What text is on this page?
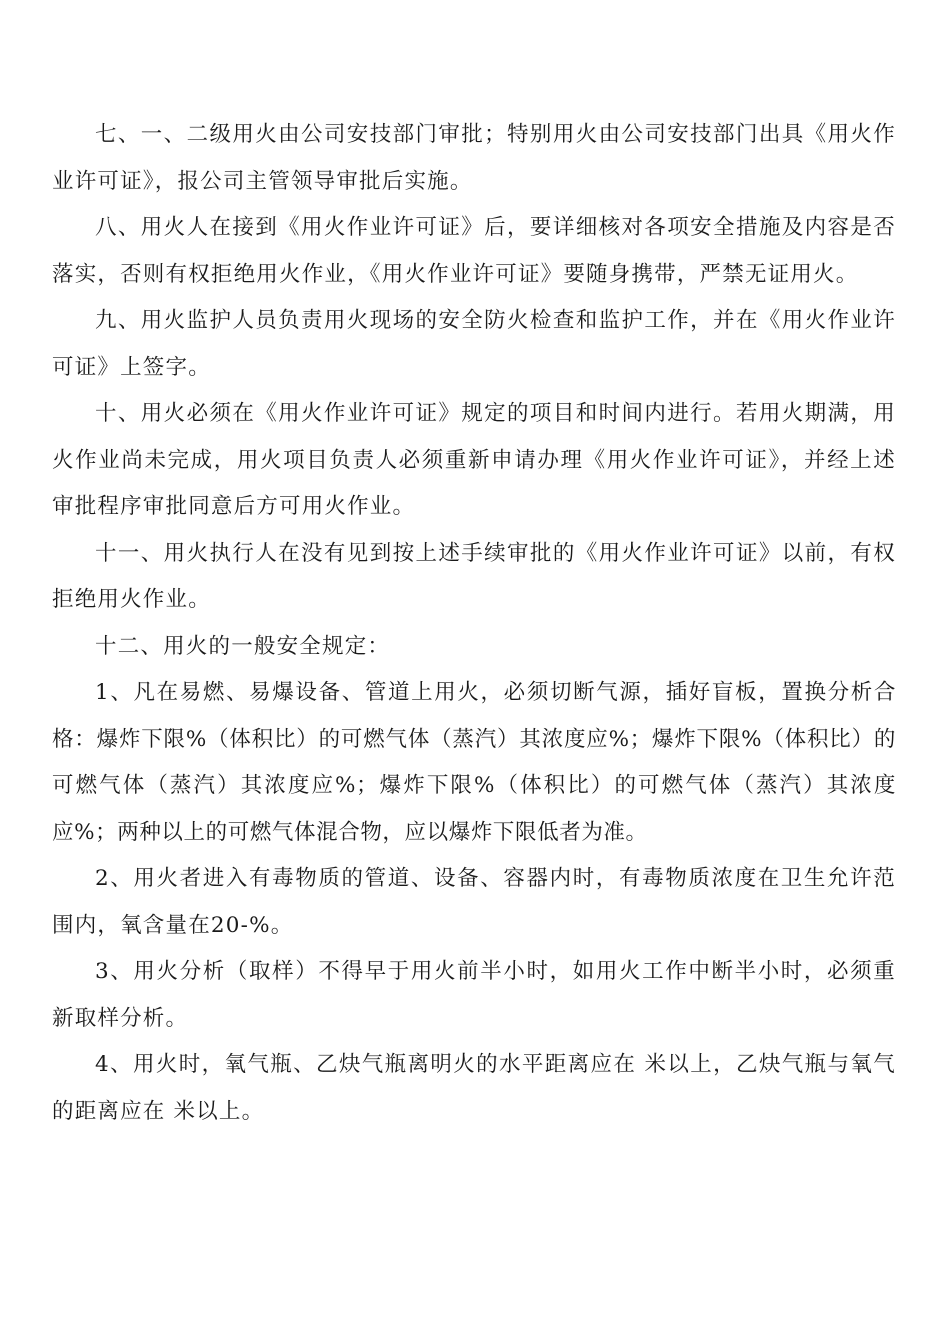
七、一、二级用火由公司安技部门审批；特别用火由公司安技部门出具《用火作业许可证》，报公司主管领导审批后实施。

八、用火人在接到《用火作业许可证》后，要详细核对各项安全措施及内容是否落实，否则有权拒绝用火作业，《用火作业许可证》要随身携带，严禁无证用火。

九、用火监护人员负责用火现场的安全防火检查和监护工作，并在《用火作业许可证》上签字。

十、用火必须在《用火作业许可证》规定的项目和时间内进行。若用火期满，用火作业尚未完成，用火项目负责人必须重新申请办理《用火作业许可证》，并经上述审批程序审批同意后方可用火作业。

十一、用火执行人在没有见到按上述手续审批的《用火作业许可证》以前，有权拒绝用火作业。

十二、用火的一般安全规定：

1、凡在易燃、易爆设备、管道上用火，必须切断气源，插好盲板，置换分析合格：爆炸下限%（体积比）的可燃气体（蒸汽）其浓度应%；爆炸下限%（体积比）的可燃气体（蒸汽）其浓度应%；爆炸下限%（体积比）的可燃气体（蒸汽）其浓度应%；两种以上的可燃气体混合物，应以爆炸下限低者为准。

2、用火者进入有毒物质的管道、设备、容器内时，有毒物质浓度在卫生允许范围内，氧含量在20-%。

3、用火分析（取样）不得早于用火前半小时，如用火工作中断半小时，必须重新取样分析。

4、用火时，氧气瓶、乙炔气瓶离明火的水平距离应在 米以上，乙炔气瓶与氧气的距离应在 米以上。
